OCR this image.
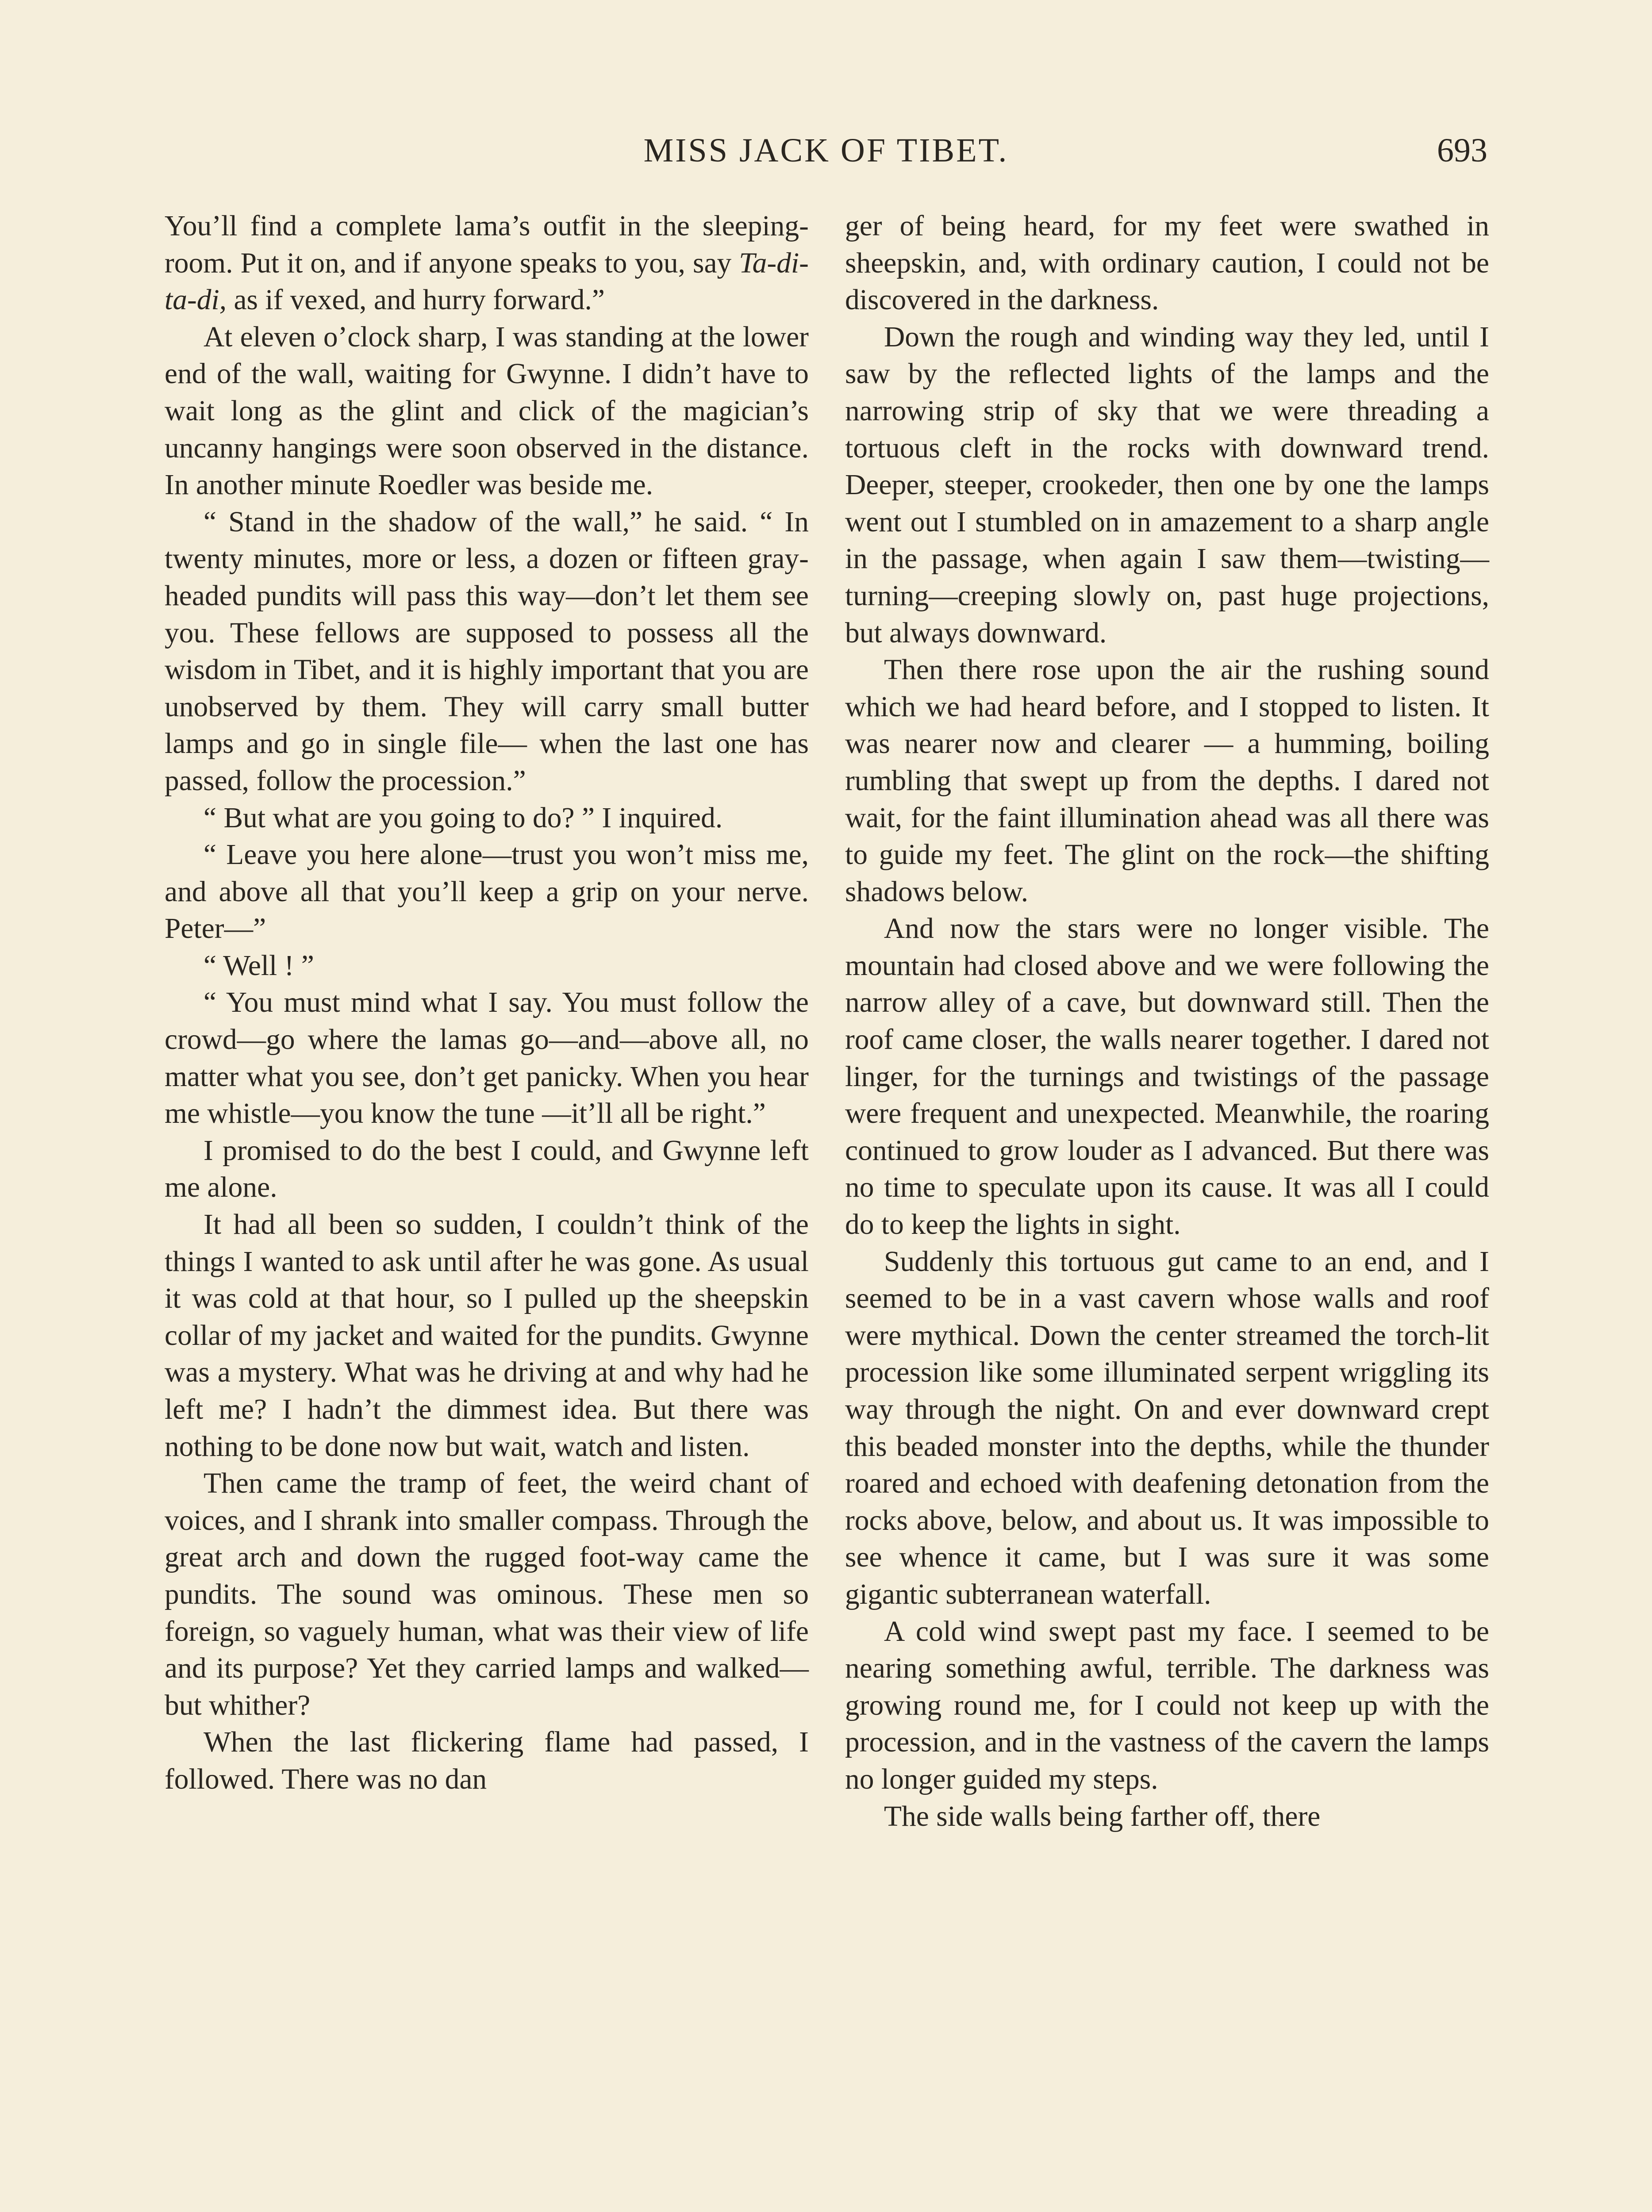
MISS JACK OF TIBET.	693

You’ll find a complete lama’s outfit in the sleeping-room. Put it on, and if anyone speaks to you, say Ta-di-ta-di, as if vexed, and hurry forward.”

At eleven o’clock sharp, I was standing at the lower end of the wall, waiting for Gwynne. I didn’t have to wait long as the glint and click of the magician’s uncanny hangings were soon observed in the distance. In another minute Roedler was beside me.

“ Stand in the shadow of the wall,” he said. “ In twenty minutes, more or less, a dozen or fifteen gray-headed pundits will pass this way—don’t let them see you. These fellows are supposed to possess all the wisdom in Tibet, and it is highly important that you are unobserved by them. They will carry small butter lamps and go in single file— when the last one has passed, follow the procession.”

“ But what are you going to do? ” I inquired.

“ Leave you here alone—trust you won’t miss me, and above all that you’ll keep a grip on your nerve. Peter—”

“ Well ! ”

“ You must mind what I say. You must follow the crowd—go where the lamas go—and—above all, no matter what you see, don’t get panicky. When you hear me whistle—you know the tune —it’ll all be right.”

I promised to do the best I could, and Gwynne left me alone.

It had all been so sudden, I couldn’t think of the things I wanted to ask until after he was gone. As usual it was cold at that hour, so I pulled up the sheepskin collar of my jacket and waited for the pundits. Gwynne was a mystery. What was he driving at and why had he left me? I hadn’t the dimmest idea. But there was nothing to be done now but wait, watch and listen.

Then came the tramp of feet, the weird chant of voices, and I shrank into smaller compass. Through the great arch and down the rugged foot-way came the pundits. The sound was ominous. These men so foreign, so vaguely human, what was their view of life and its purpose? Yet they carried lamps and walked—but whither?

When the last flickering flame had passed, I followed. There was no dan

ger of being heard, for my feet were swathed in sheepskin, and, with ordinary caution, I could not be discovered in the darkness.

Down the rough and winding way they led, until I saw by the reflected lights of the lamps and the narrowing strip of sky that we were threading a tortuous cleft in the rocks with downward trend. Deeper, steeper, crookeder, then one by one the lamps went out I stumbled on in amazement to a sharp angle in the passage, when again I saw them—twisting—turning—creeping slowly on, past huge projections, but always downward.

Then there rose upon the air the rushing sound which we had heard before, and I stopped to listen. It was nearer now and clearer — a humming, boiling rumbling that swept up from the depths. I dared not wait, for the faint illumination ahead was all there was to guide my feet. The glint on the rock—the shifting shadows below.

And now the stars were no longer visible. The mountain had closed above and we were following the narrow alley of a cave, but downward still. Then the roof came closer, the walls nearer together. I dared not linger, for the turnings and twistings of the passage were frequent and unexpected. Meanwhile, the roaring continued to grow louder as I advanced. But there was no time to speculate upon its cause. It was all I could do to keep the lights in sight.

Suddenly this tortuous gut came to an end, and I seemed to be in a vast cavern whose walls and roof were mythical. Down the center streamed the torch-lit procession like some illuminated serpent wriggling its way through the night. On and ever downward crept this beaded monster into the depths, while the thunder roared and echoed with deafening detonation from the rocks above, below, and about us. It was impossible to see whence it came, but I was sure it was some gigantic subterranean waterfall.

A cold wind swept past my face. I seemed to be nearing something awful, terrible. The darkness was growing round me, for I could not keep up with the procession, and in the vastness of the cavern the lamps no longer guided my steps.

The side walls being farther off, there
